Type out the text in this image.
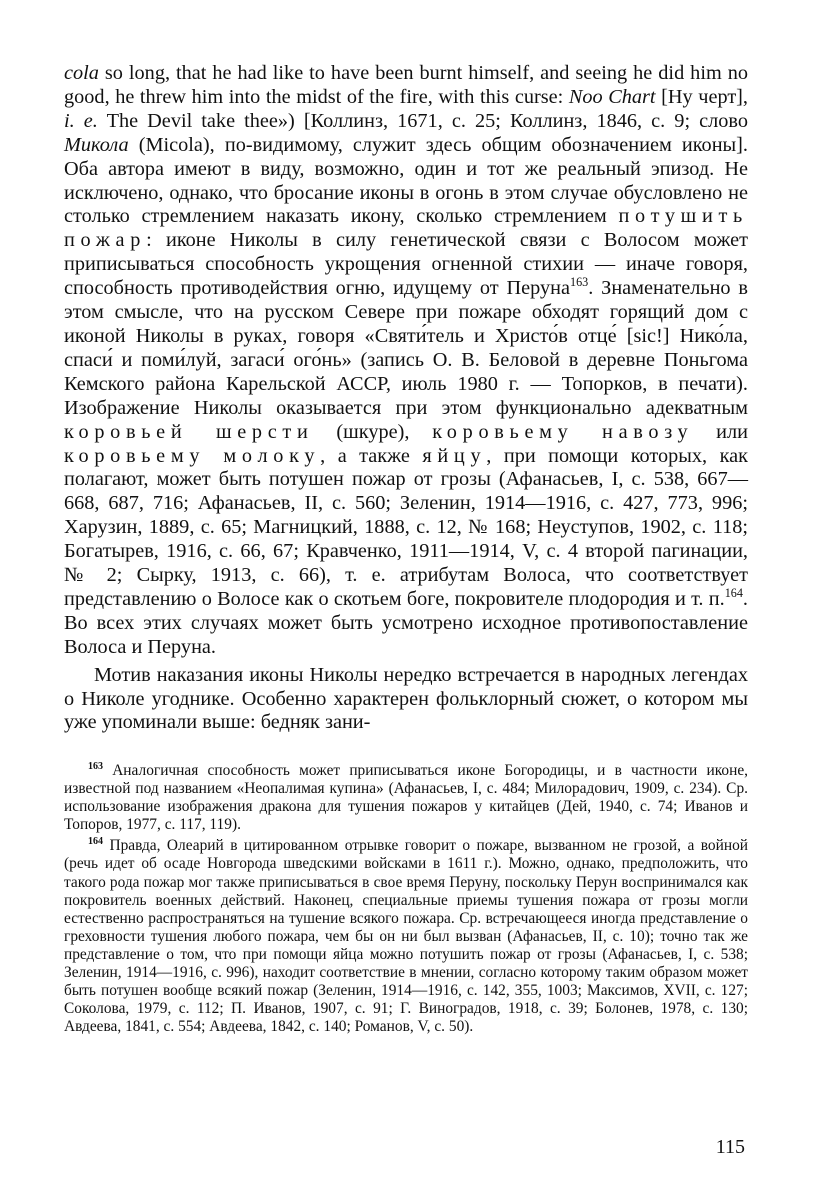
cola so long, that he had like to have been burnt himself, and seeing he did him no good, he threw him into the midst of the fire, with this curse: Noo Chart [Ну черт], i. e. The Devil take thee») [Коллинз, 1671, с. 25; Коллинз, 1846, с. 9; слово Микола (Micola), по-видимому, служит здесь общим обозначением иконы]. Оба автора имеют в виду, возможно, один и тот же реальный эпизод. Не исключено, однако, что бросание иконы в огонь в этом случае обусловлено не столько стремлением наказать икону, сколько стремлением потушить пожар: иконе Николы в силу генетической связи с Волосом может приписываться способность укрощения огненной стихии — иначе говоря, способность противодействия огню, идущему от Перуна$^{163}$. Знаменательно в этом смысле, что на русском Севере при пожаре обходят горящий дом с иконой Николы в руках, говоря «Святи́тель и Христо́в отце́ [sic!] Нико́ла, спаси́ и поми́луй, загаси́ ого́нь» (запись О. В. Беловой в деревне Поньгома Кемского района Карельской АССР, июль 1980 г. — Топорков, в печати). Изображение Николы оказывается при этом функционально адекватным коровьей шерсти (шкуре), коровьему навозу или коровьему молоку, а также яйцу, при помощи которых, как полагают, может быть потушен пожар от грозы (Афанасьев, I, с. 538, 667—668, 687, 716; Афанасьев, II, с. 560; Зеленин, 1914—1916, с. 427, 773, 996; Харузин, 1889, с. 65; Магницкий, 1888, с. 12, № 168; Неуступов, 1902, с. 118; Богатырев, 1916, с. 66, 67; Кравченко, 1911—1914, V, с. 4 второй пагинации, № 2; Сырку, 1913, с. 66), т. е. атрибутам Волоса, что соответствует представлению о Волосе как о скотьем боге, покровителе плодородия и т. п.$^{164}$. Во всех этих случаях может быть усмотрено исходное противопоставление Волоса и Перуна.

Мотив наказания иконы Николы нередко встречается в народных легендах о Николе угоднике. Особенно характерен фольклорный сюжет, о котором мы уже упоминали выше: бедняк зани-

$^{163}$ Аналогичная способность может приписываться иконе Богородицы, и в частности иконе, известной под названием «Неопалимая купина» (Афанасьев, I, с. 484; Милорадович, 1909, с. 234). Ср. использование изображения дракона для тушения пожаров у китайцев (Дей, 1940, с. 74; Иванов и Топоров, 1977, с. 117, 119).

$^{164}$ Правда, Олеарий в цитированном отрывке говорит о пожаре, вызванном не грозой, а войной (речь идет об осаде Новгорода шведскими войсками в 1611 г.). Можно, однако, предположить, что такого рода пожар мог также приписываться в свое время Перуну, поскольку Перун воспринимался как покровитель военных действий. Наконец, специальные приемы тушения пожара от грозы могли естественно распространяться на тушение всякого пожара. Ср. встречающееся иногда представление о греховности тушения любого пожара, чем бы он ни был вызван (Афанасьев, II, с. 10); точно так же представление о том, что при помощи яйца можно потушить пожар от грозы (Афанасьев, I, с. 538; Зеленин, 1914—1916, с. 996), находит соответствие в мнении, согласно которому таким образом может быть потушен вообще всякий пожар (Зеленин, 1914—1916, с. 142, 355, 1003; Максимов, XVII, с. 127; Соколова, 1979, с. 112; П. Иванов, 1907, с. 91; Г. Виноградов, 1918, с. 39; Болонев, 1978, с. 130; Авдеева, 1841, с. 554; Авдеева, 1842, с. 140; Романов, V, с. 50).

115
